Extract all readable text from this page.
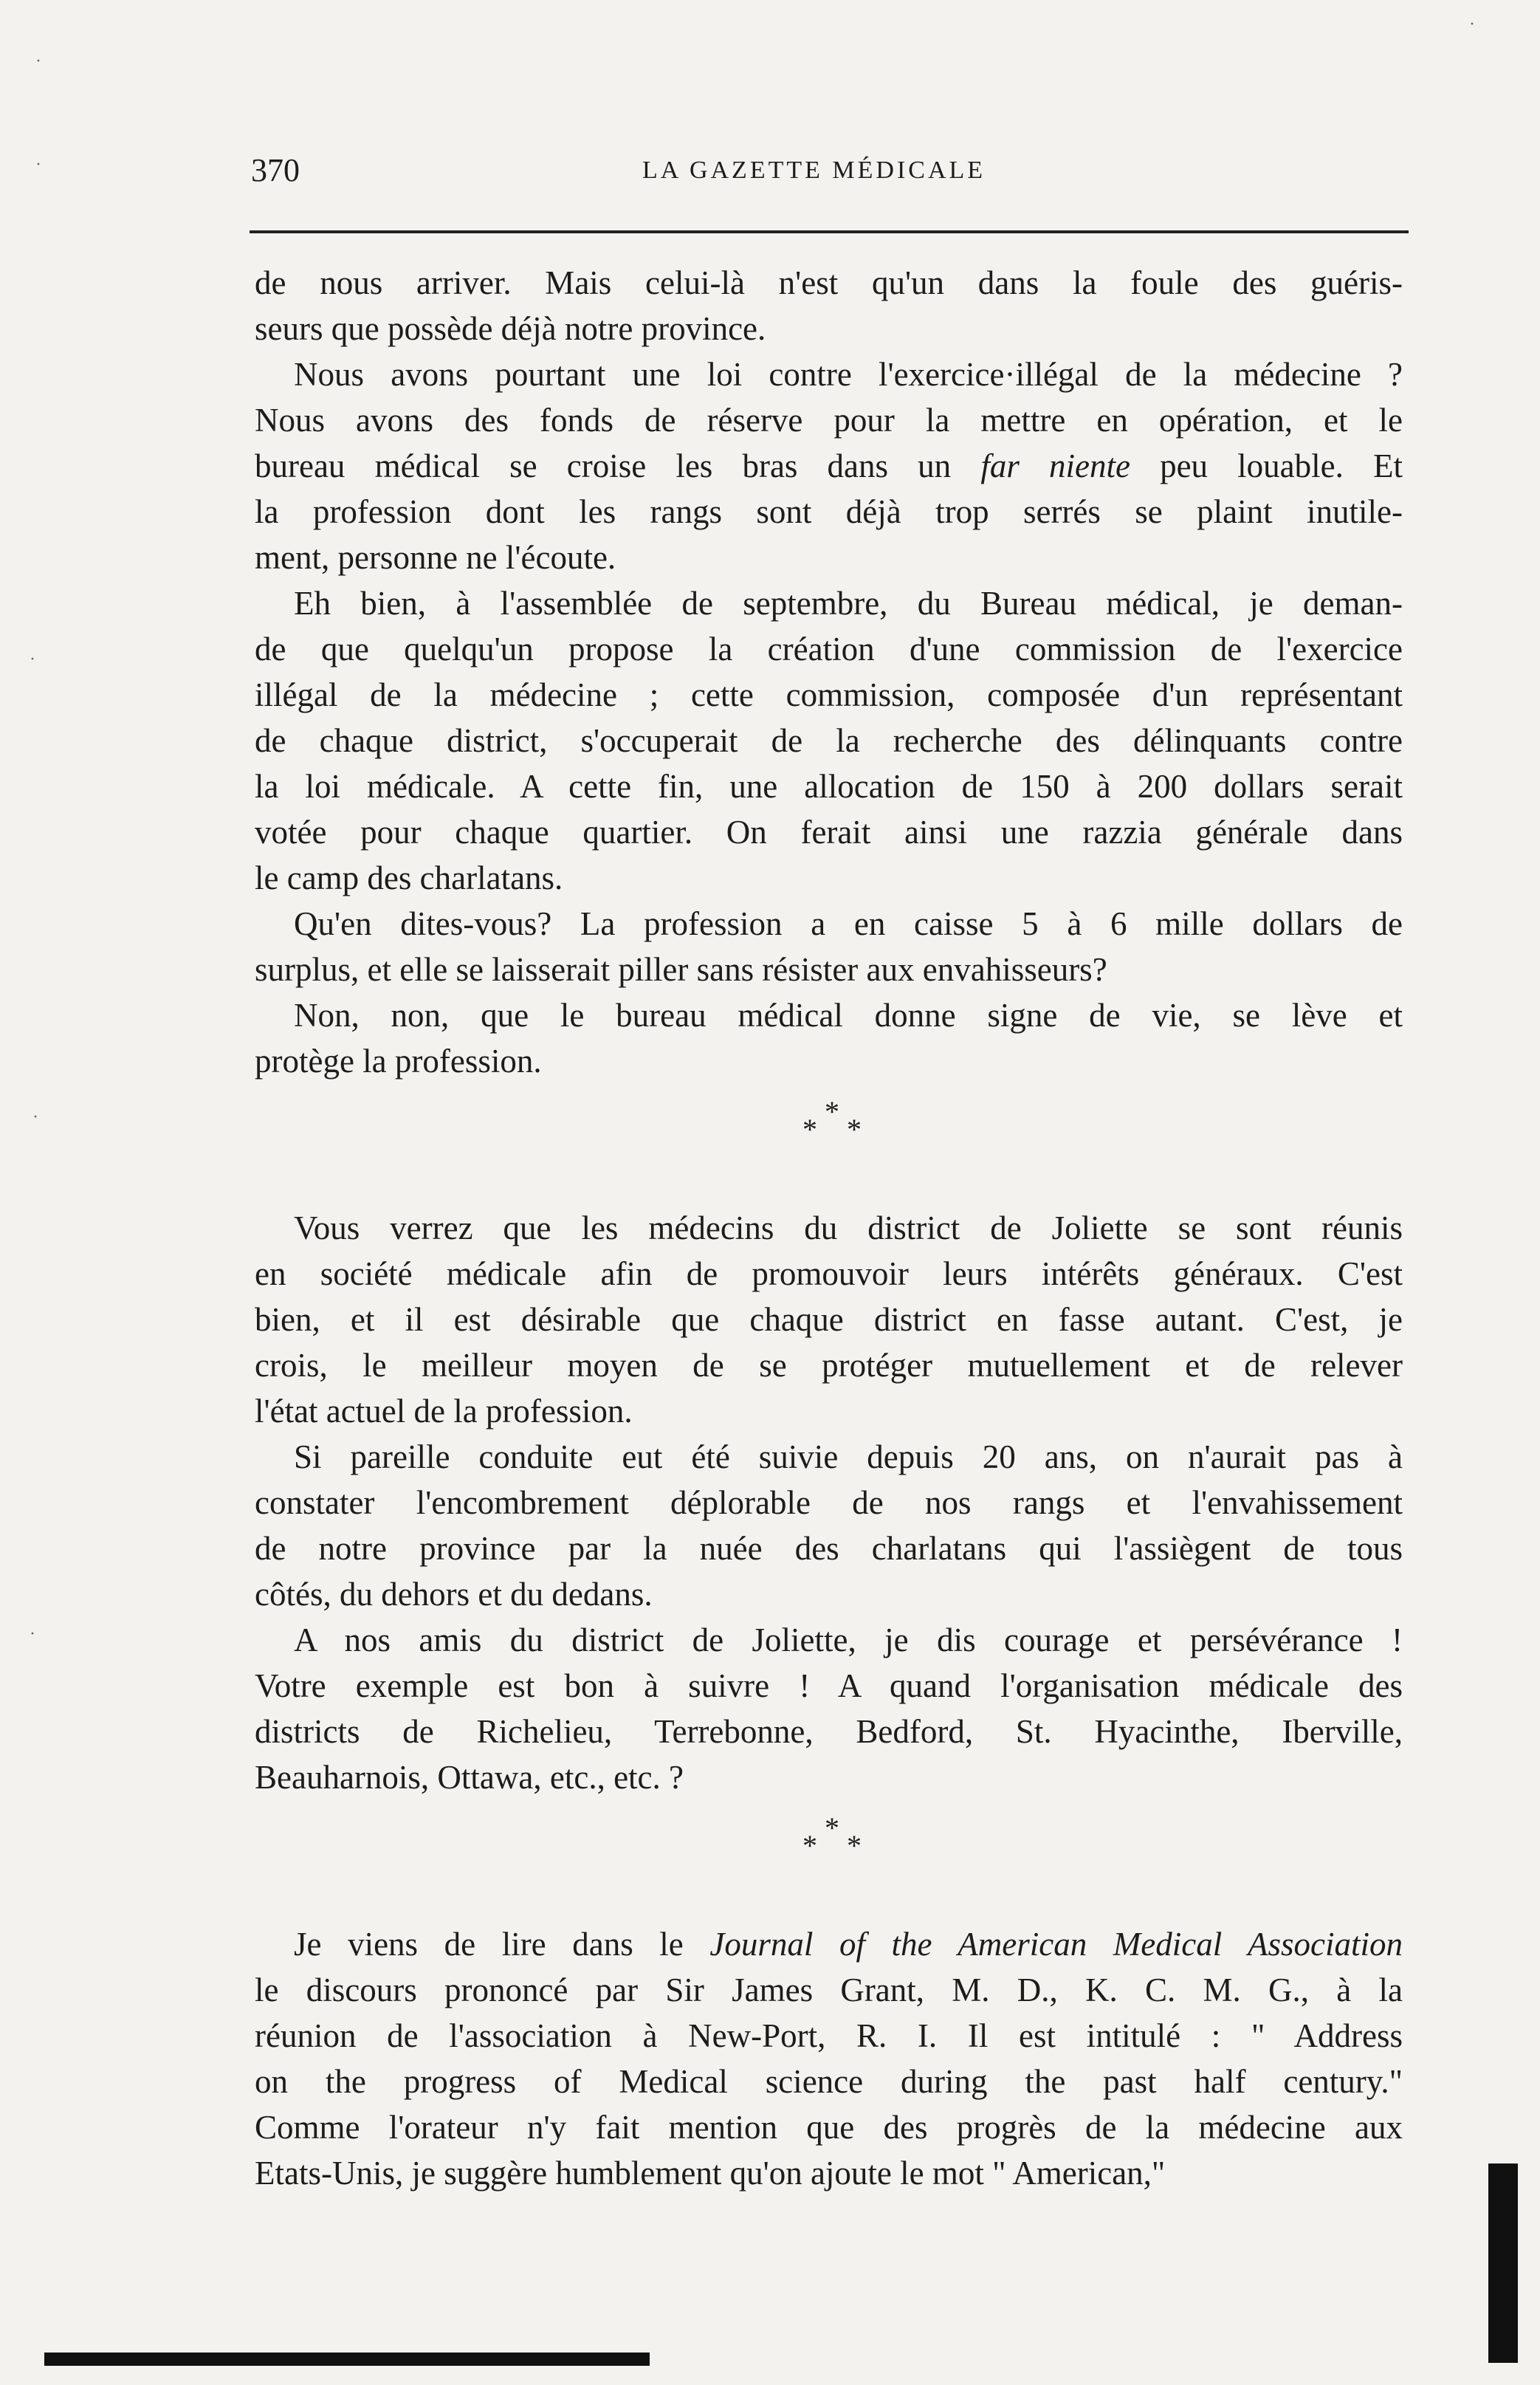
370	LA GAZETTE MÉDICALE
de nous arriver. Mais celui-là n'est qu'un dans la foule des guéris-
seurs que possède déjà notre province.
Nous avons pourtant une loi contre l'exercice·illégal de la médecine ?
Nous avons des fonds de réserve pour la mettre en opération, et le
bureau médical se croise les bras dans un far niente peu louable. Et
la profession dont les rangs sont déjà trop serrés se plaint inutile-
ment, personne ne l'écoute.
Eh bien, à l'assemblée de septembre, du Bureau médical, je deman-
de que quelqu'un propose la création d'une commission de l'exercice
illégal de la médecine ; cette commission, composée d'un représentant
de chaque district, s'occuperait de la recherche des délinquants contre
la loi médicale. A cette fin, une allocation de 150 à 200 dollars serait
votée pour chaque quartier. On ferait ainsi une razzia générale dans
le camp des charlatans.
Qu'en dites-vous? La profession a en caisse 5 à 6 mille dollars de
surplus, et elle se laisserait piller sans résister aux envahisseurs?
Non, non, que le bureau médical donne signe de vie, se lève et
protège la profession.
*
* *
Vous verrez que les médecins du district de Joliette se sont réunis
en société médicale afin de promouvoir leurs intérêts généraux. C'est
bien, et il est désirable que chaque district en fasse autant. C'est, je
crois, le meilleur moyen de se protéger mutuellement et de relever
l'état actuel de la profession.
Si pareille conduite eut été suivie depuis 20 ans, on n'aurait pas à
constater l'encombrement déplorable de nos rangs et l'envahissement
de notre province par la nuée des charlatans qui l'assiègent de tous
côtés, du dehors et du dedans.
A nos amis du district de Joliette, je dis courage et persévérance !
Votre exemple est bon à suivre ! A quand l'organisation médicale des
districts de Richelieu, Terrebonne, Bedford, St. Hyacinthe, Iberville,
Beauharnois, Ottawa, etc., etc. ?
*
* *
Je viens de lire dans le Journal of the American Medical Association
le discours prononcé par Sir James Grant, M. D., K. C. M. G., à la
réunion de l'association à New-Port, R. I. Il est intitulé : " Address
on the progress of Medical science during the past half century."
Comme l'orateur n'y fait mention que des progrès de la médecine aux
Etats-Unis, je suggère humblement qu'on ajoute le mot " American,"
·
·
·
·
·
·
